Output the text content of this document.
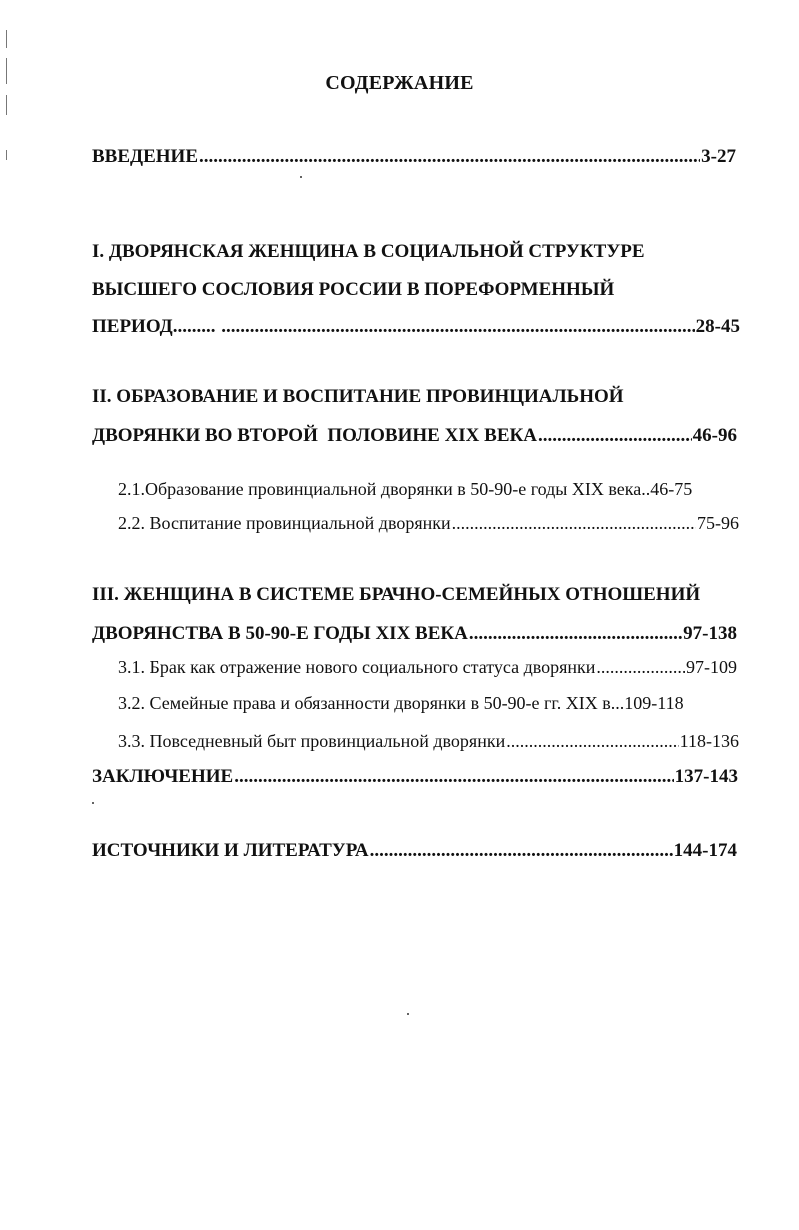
СОДЕРЖАНИЕ
ВВЕДЕНИЕ .....	3-27
I. ДВОРЯНСКАЯ ЖЕНЩИНА В СОЦИАЛЬНОЙ СТРУКТУРЕ
ВЫСШЕГО СОСЛОВИЯ РОССИИ В ПОРЕФОРМЕННЫЙ
ПЕРИОД......... .....	28-45
II. ОБРАЗОВАНИЕ И ВОСПИТАНИЕ ПРОВИНЦИАЛЬНОЙ
ДВОРЯНКИ ВО ВТОРОЙ  ПОЛОВИНЕ XIX ВЕКА .....	46-96
2.1.Образование провинциальной дворянки в 50-90-е годы XIX века.. 46-75
2.2. Воспитание провинциальной дворянки .....	75-96
III. ЖЕНЩИНА В СИСТЕМЕ БРАЧНО-СЕМЕЙНЫХ ОТНОШЕНИЙ
ДВОРЯНСТВА В 50-90-Е ГОДЫ XIX ВЕКА .....	97-138
3.1. Брак как отражение нового социального статуса дворянки .....	97-109
3.2. Семейные права и обязанности дворянки в 50-90-е гг. XIX в... 109-118
3.3. Повседневный быт провинциальной дворянки .....	118-136
ЗАКЛЮЧЕНИЕ .....	137-143
ИСТОЧНИКИ И ЛИТЕРАТУРА .....	144-174
